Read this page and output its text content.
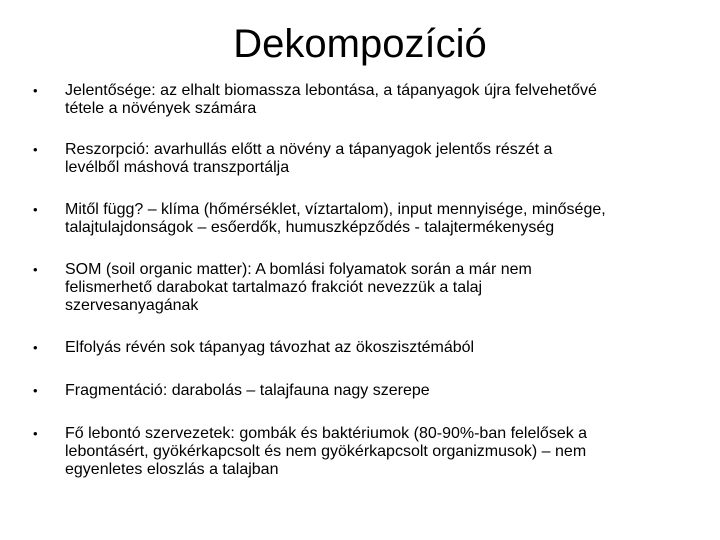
Dekompozíció
•	Jelentősége: az elhalt biomassza lebontása, a tápanyagok újra felvehetővé
tétele a növények számára
•	Reszorpció: avarhullás előtt a növény a tápanyagok jelentős részét a
levélből máshová transzportálja
•	Mitől függ? – klíma (hőmérséklet, víztartalom), input mennyisége, minősége,
talajtulajdonságok – esőerdők, humuszképződés - talajtermékenység
•	SOM (soil organic matter): A bomlási folyamatok során a már nem
felismerhető darabokat tartalmazó frakciót nevezzük a talaj
szervesanyagának
•	Elfolyás révén sok tápanyag távozhat az ökoszisztémából
•	Fragmentáció: darabolás – talajfauna nagy szerepe
•	Fő lebontó szervezetek: gombák és baktériumok (80-90%-ban felelősek a
lebontásért, gyökérkapcsolt és nem gyökérkapcsolt organizmusok) – nem
egyenletes eloszlás a talajban
